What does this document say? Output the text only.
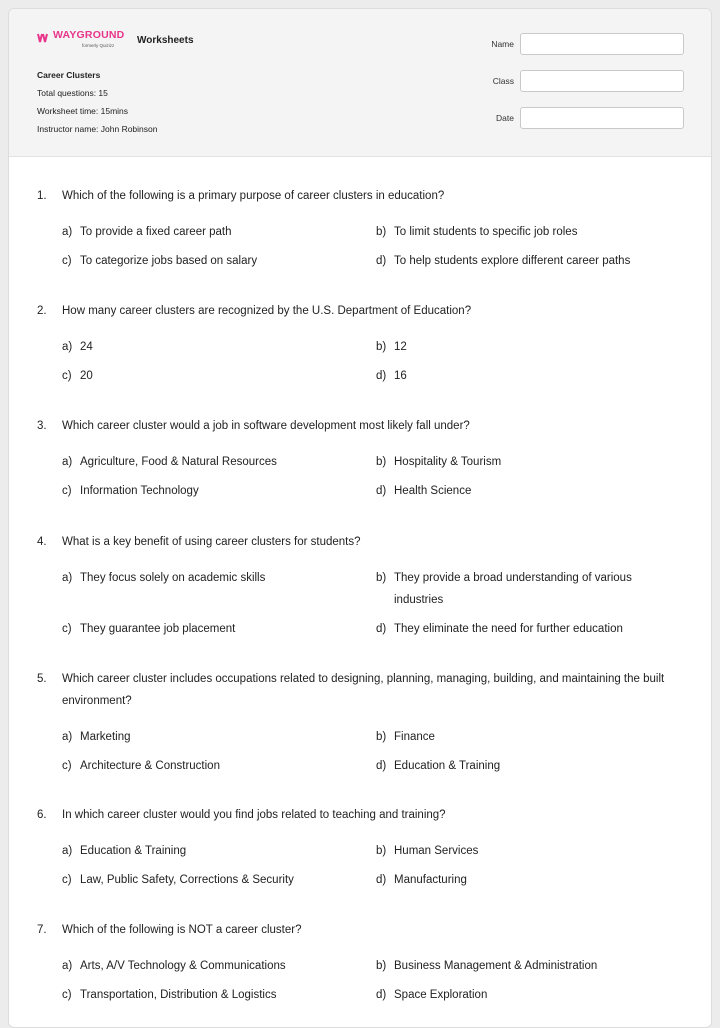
WAYGROUND
formerly Quizizz Worksheets
Career Clusters
Total questions: 15
Worksheet time: 15mins
Instructor name: John Robinson
Name
Class
Date
1. Which of the following is a primary purpose of career clusters in education?
a) To provide a fixed career path	b) To limit students to specific job roles
c) To categorize jobs based on salary	d) To help students explore different career paths
2. How many career clusters are recognized by the U.S. Department of Education?
a) 24	b) 12
c) 20	d) 16
3. Which career cluster would a job in software development most likely fall under?
a) Agriculture, Food & Natural Resources	b) Hospitality & Tourism
c) Information Technology	d) Health Science
4. What is a key benefit of using career clusters for students?
a) They focus solely on academic skills	b) They provide a broad understanding of various industries
c) They guarantee job placement	d) They eliminate the need for further education
5. Which career cluster includes occupations related to designing, planning, managing, building, and maintaining the built environment?
a) Marketing	b) Finance
c) Architecture & Construction	d) Education & Training
6. In which career cluster would you find jobs related to teaching and training?
a) Education & Training	b) Human Services
c) Law, Public Safety, Corrections & Security	d) Manufacturing
7. Which of the following is NOT a career cluster?
a) Arts, A/V Technology & Communications	b) Business Management & Administration
c) Transportation, Distribution & Logistics	d) Space Exploration
